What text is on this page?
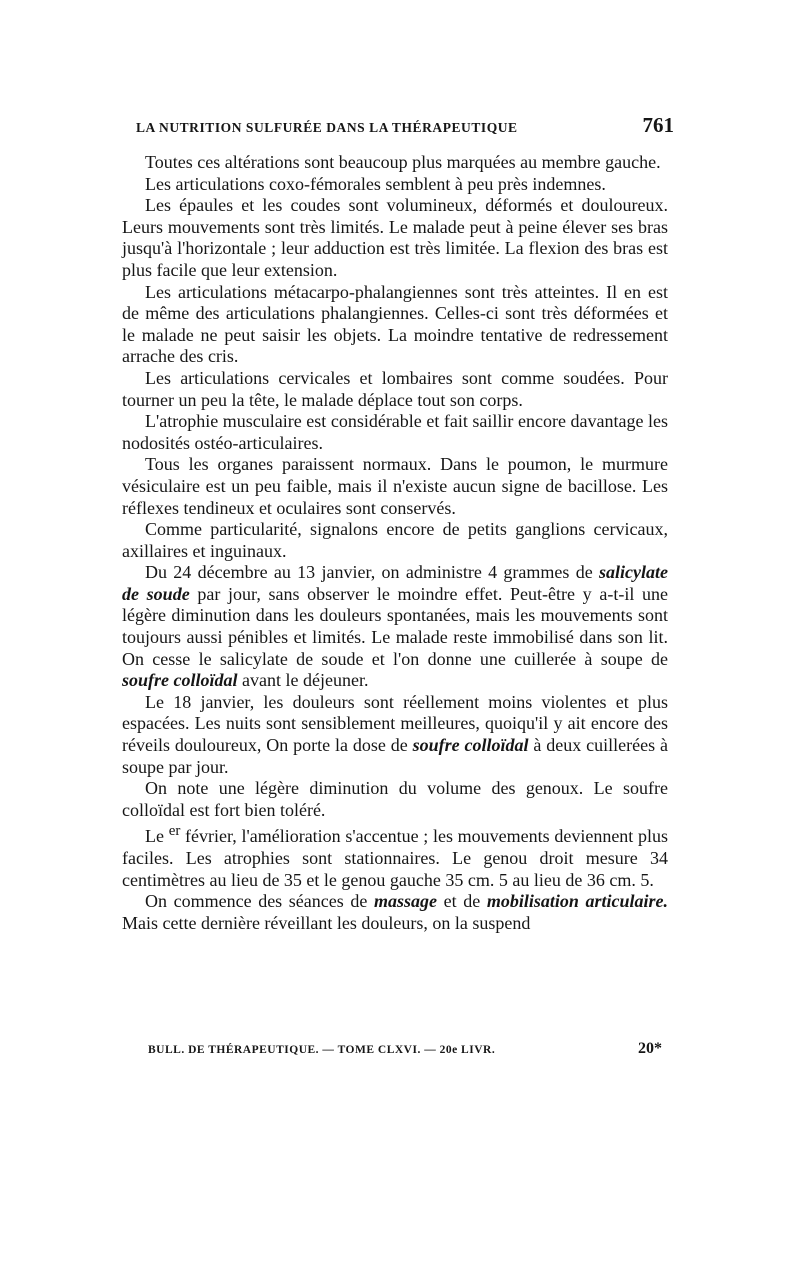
LA NUTRITION SULFURÉE DANS LA THÉRAPEUTIQUE	761

Toutes ces altérations sont beaucoup plus marquées au membre gauche.

Les articulations coxo-fémorales semblent à peu près indemnes.

Les épaules et les coudes sont volumineux, déformés et douloureux. Leurs mouvements sont très limités. Le malade peut à peine élever ses bras jusqu'à l'horizontale ; leur adduction est très limitée. La flexion des bras est plus facile que leur extension.

Les articulations métacarpo-phalangiennes sont très atteintes. Il en est de même des articulations phalangiennes. Celles-ci sont très déformées et le malade ne peut saisir les objets. La moindre tentative de redressement arrache des cris.

Les articulations cervicales et lombaires sont comme soudées. Pour tourner un peu la tête, le malade déplace tout son corps.

L'atrophie musculaire est considérable et fait saillir encore davantage les nodosités ostéo-articulaires.

Tous les organes paraissent normaux. Dans le poumon, le murmure vésiculaire est un peu faible, mais il n'existe aucun signe de bacillose. Les réflexes tendineux et oculaires sont conservés.

Comme particularité, signalons encore de petits ganglions cervicaux, axillaires et inguinaux.

Du 24 décembre au 13 janvier, on administre 4 grammes de salicylate de soude par jour, sans observer le moindre effet. Peut-être y a-t-il une légère diminution dans les douleurs spontanées, mais les mouvements sont toujours aussi pénibles et limités. Le malade reste immobilisé dans son lit. On cesse le salicylate de soude et l'on donne une cuillerée à soupe de soufre colloïdal avant le déjeuner.

Le 18 janvier, les douleurs sont réellement moins violentes et plus espacées. Les nuits sont sensiblement meilleures, quoiqu'il y ait encore des réveils douloureux, On porte la dose de soufre colloïdal à deux cuillerées à soupe par jour.

On note une légère diminution du volume des genoux. Le soufre colloïdal est fort bien toléré.

Le $^{er}$ février, l'amélioration s'accentue ; les mouvements deviennent plus faciles. Les atrophies sont stationnaires. Le genou droit mesure 34 centimètres au lieu de 35 et le genou gauche 35 cm. 5 au lieu de 36 cm. 5.

On commence des séances de massage et de mobilisation articulaire. Mais cette dernière réveillant les douleurs, on la suspend

BULL. DE THÉRAPEUTIQUE. — TOME CLXVI. — 20e LIVR.	20*
